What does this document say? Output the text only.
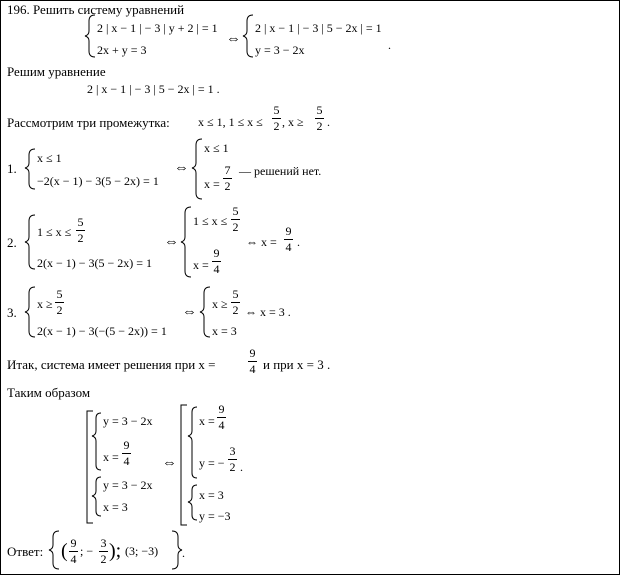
196. Решить систему уравнений
2 | x − 1 | − 3 | y + 2 | = 1
2x + y = 3
⇔
2 | x − 1 | − 3 | 5 − 2x | = 1
y = 3 − 2x	.
Решим уравнение
2 | x − 1 | − 3 | 5 − 2x | = 1 .
Рассмотрим три промежутка: x ≤ 1, 1 ≤ x ≤
5
2 , x ≥
5
2 .
1.
x ≤ 1
−2(x − 1) − 3(5 − 2x) = 1
⇔
x ≤ 1
x =
7
2
— решений нет.
2.
1 ≤ x ≤
5
2
2(x − 1) − 3(5 − 2x) = 1
⇔
1 ≤ x ≤
5
2
x =
9
4
⇔ x =
9
4 .
3.
x ≥
5
2
2(x − 1) − 3(−(5 − 2x)) = 1
⇔ x ≥
5
2
x = 3
⇔ x = 3 .
Итак, система имеет решения при x =
9
4 и при x = 3 .
Таким образом
y = 3 − 2x
x =
9
4
y = 3 − 2x
x = 3
⇔
x =
9
4
y = −
3
2 .
x = 3
y = −3
Ответ: ( 9
4
; −
3
2 ); (3; −3) .
